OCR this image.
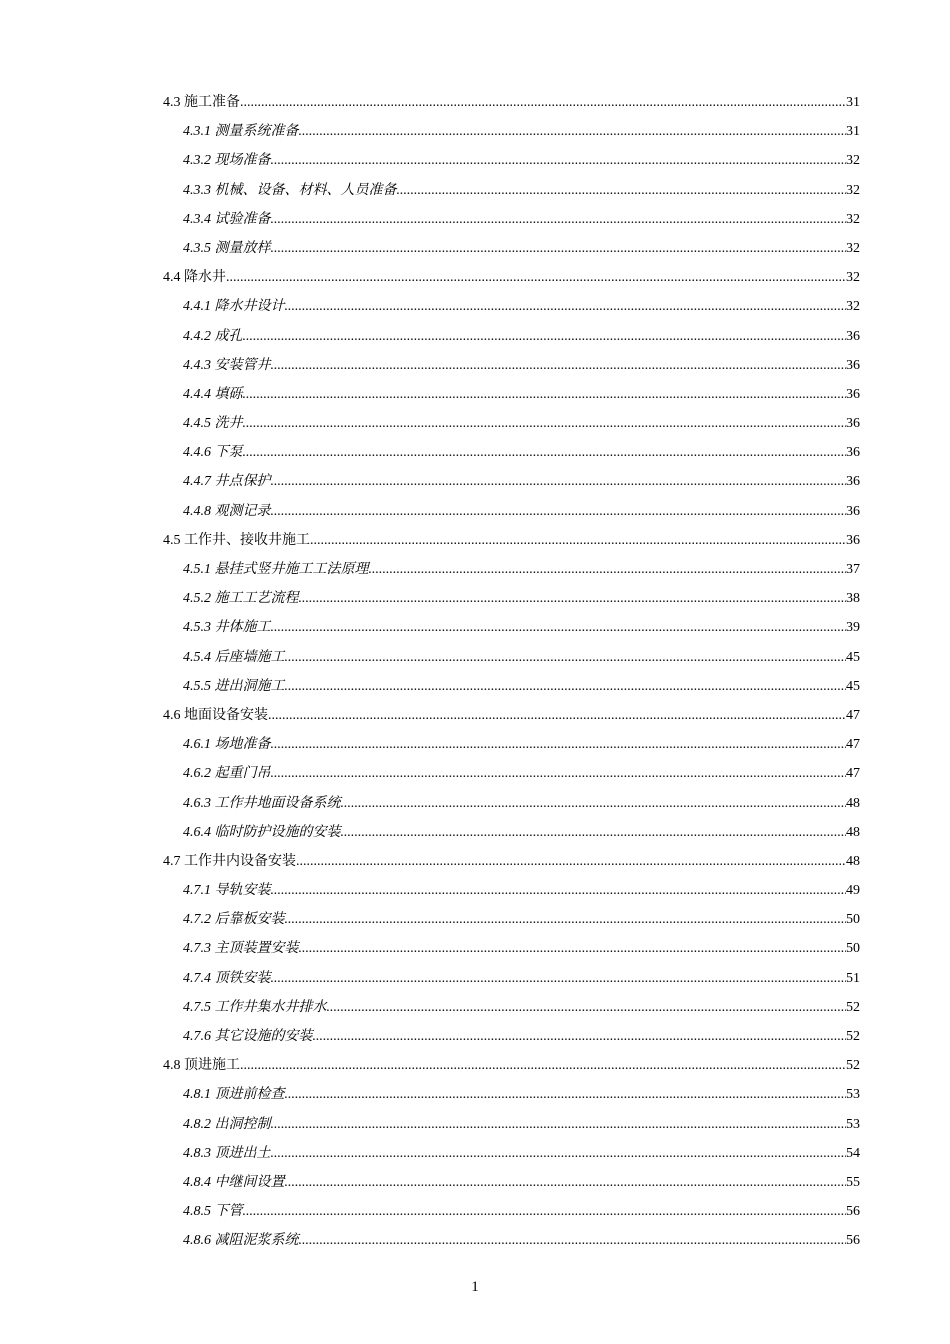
4.3 施工准备 .....	31
4.3.1 测量系统准备 .....	31
4.3.2 现场准备 .....	32
4.3.3 机械、设备、材料、人员准备 .....	32
4.3.4 试验准备 .....	32
4.3.5 测量放样 .....	32
4.4 降水井 .....	32
4.4.1 降水井设计 .....	32
4.4.2 成孔 .....	36
4.4.3 安装管井 .....	36
4.4.4 填砾 .....	36
4.4.5 洗井 .....	36
4.4.6 下泵 .....	36
4.4.7 井点保护 .....	36
4.4.8 观测记录 .....	36
4.5 工作井、接收井施工 .....	36
4.5.1 悬挂式竖井施工工法原理 .....	37
4.5.2 施工工艺流程 .....	38
4.5.3 井体施工 .....	39
4.5.4 后座墙施工 .....	45
4.5.5 进出洞施工 .....	45
4.6 地面设备安装 .....	47
4.6.1 场地准备 .....	47
4.6.2 起重门吊 .....	47
4.6.3 工作井地面设备系统 .....	48
4.6.4 临时防护设施的安装 .....	48
4.7 工作井内设备安装 .....	48
4.7.1 导轨安装 .....	49
4.7.2 后靠板安装 .....	50
4.7.3 主顶装置安装 .....	50
4.7.4 顶铁安装 .....	51
4.7.5 工作井集水井排水 .....	52
4.7.6 其它设施的安装 .....	52
4.8 顶进施工 .....	52
4.8.1 顶进前检查 .....	53
4.8.2 出洞控制 .....	53
4.8.3 顶进出土 .....	54
4.8.4 中继间设置 .....	55
4.8.5 下管 .....	56
4.8.6 减阻泥浆系统 .....	56
1
